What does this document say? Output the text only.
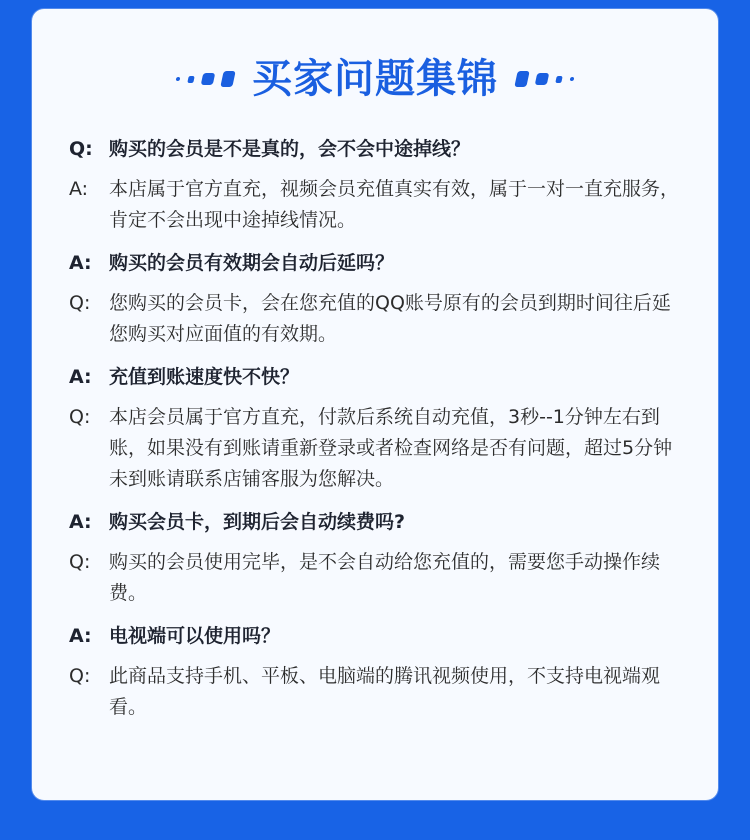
买家问题集锦
Q: 购买的会员是不是真的，会不会中途掉线？
A:	本店属于官方直充，视频会员充值真实有效，属于一对一直充服务，肯定不会出现中途掉线情况。
A: 购买的会员有效期会自动后延吗？
Q: 您购买的会员卡，会在您充值的QQ账号原有的会员到期时间往后延您购买对应面值的有效期。
A: 充值到账速度快不快？
Q: 本店会员属于官方直充，付款后系统自动充值，3秒--1分钟左右到账，如果没有到账请重新登录或者检查网络是否有问题，超过5分钟未到账请联系店铺客服为您解决。
A: 购买会员卡，到期后会自动续费吗?
Q: 购买的会员使用完毕，是不会自动给您充值的，需要您手动操作续费。
A: 电视端可以使用吗？
Q: 此商品支持手机、平板、电脑端的腾讯视频使用，不支持电视端观看。
